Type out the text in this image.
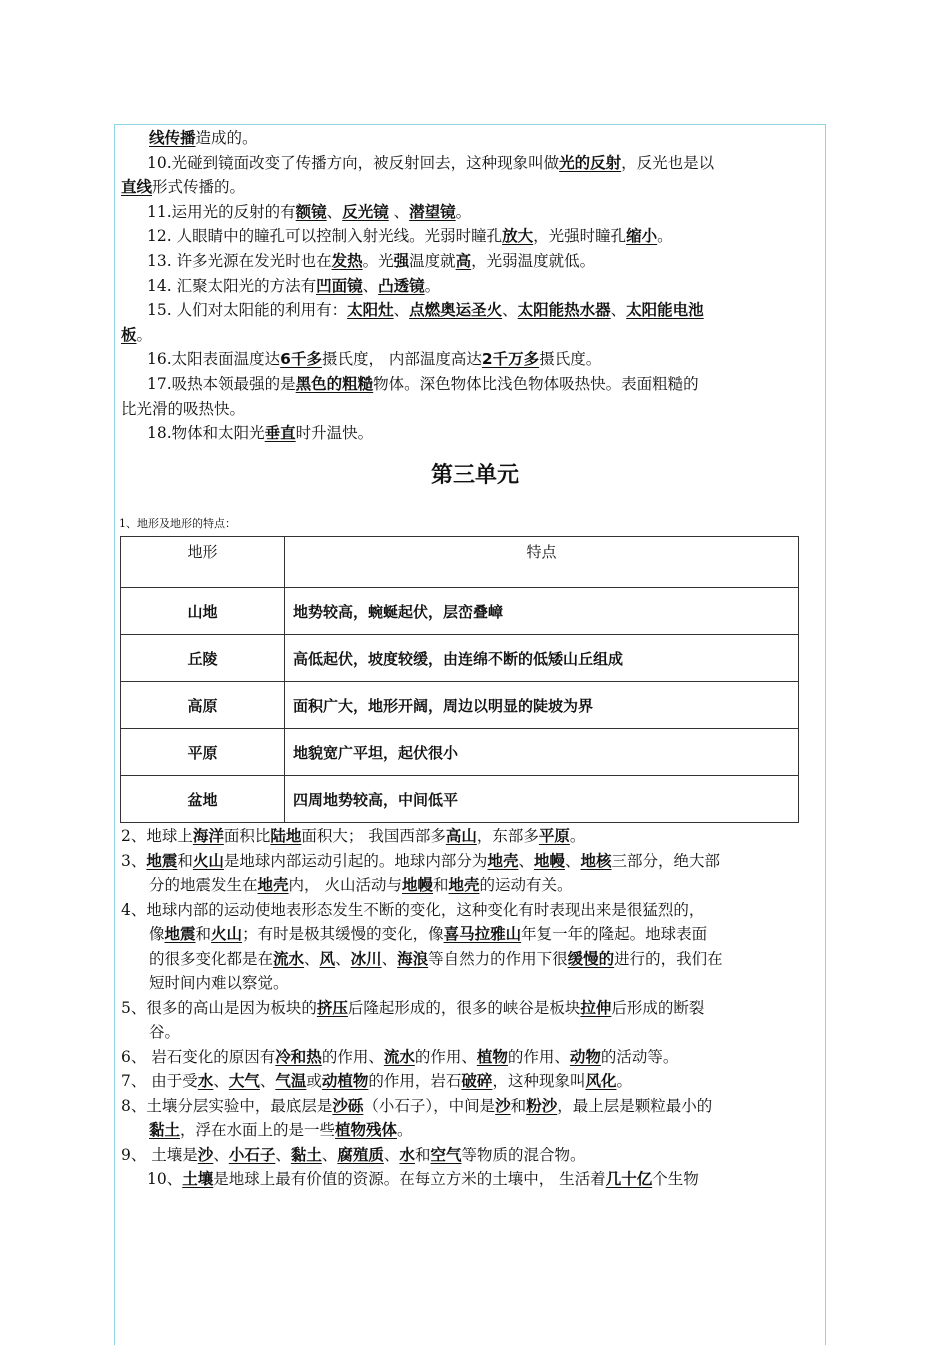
线传播造成的。
10.光碰到镜面改变了传播方向，被反射回去，这种现象叫做光的反射，反光也是以
直线形式传播的。
11.运用光的反射的有额镜、反光镜 、潜望镜。
12. 人眼睛中的瞳孔可以控制入射光线。光弱时瞳孔放大，光强时瞳孔缩小。
13. 许多光源在发光时也在发热。光强温度就高，光弱温度就低。
14. 汇聚太阳光的方法有凹面镜、凸透镜。
15. 人们对太阳能的利用有：太阳灶、点燃奥运圣火、太阳能热水器、太阳能电池
板。
16.太阳表面温度达6千多摄氏度， 内部温度高达2千万多摄氏度。
17.吸热本领最强的是黑色的粗糙物体。深色物体比浅色物体吸热快。表面粗糙的
比光滑的吸热快。
18.物体和太阳光垂直时升温快。
第三单元
1、地形及地形的特点：
地形	特点
山地	地势较高，蜿蜒起伏，层峦叠嶂
丘陵	高低起伏，坡度较缓，由连绵不断的低矮山丘组成
高原	面积广大，地形开阔，周边以明显的陡坡为界
平原	地貌宽广平坦，起伏很小
盆地	四周地势较高，中间低平
2、地球上海洋面积比陆地面积大； 我国西部多高山，东部多平原。
3、地震和火山是地球内部运动引起的。地球内部分为地壳、地幔、地核三部分，绝大部
分的地震发生在地壳内， 火山活动与地幔和地壳的运动有关。
4、地球内部的运动使地表形态发生不断的变化，这种变化有时表现出来是很猛烈的，
像地震和火山；有时是极其缓慢的变化，像喜马拉雅山年复一年的隆起。地球表面
的很多变化都是在流水、风、冰川、海浪等自然力的作用下很缓慢的进行的，我们在
短时间内难以察觉。
5、很多的高山是因为板块的挤压后隆起形成的，很多的峡谷是板块拉伸后形成的断裂
谷。
6、 岩石变化的原因有冷和热的作用、流水的作用、植物的作用、动物的活动等。
7、 由于受水、大气、气温或动植物的作用，岩石破碎，这种现象叫风化。
8、土壤分层实验中，最底层是沙砾（小石子），中间是沙和粉沙，最上层是颗粒最小的
黏土，浮在水面上的是一些植物残体。
9、 土壤是沙、小石子、黏土、腐殖质、水和空气等物质的混合物。
10、土壤是地球上最有价值的资源。在每立方米的土壤中， 生活着几十亿个生物
